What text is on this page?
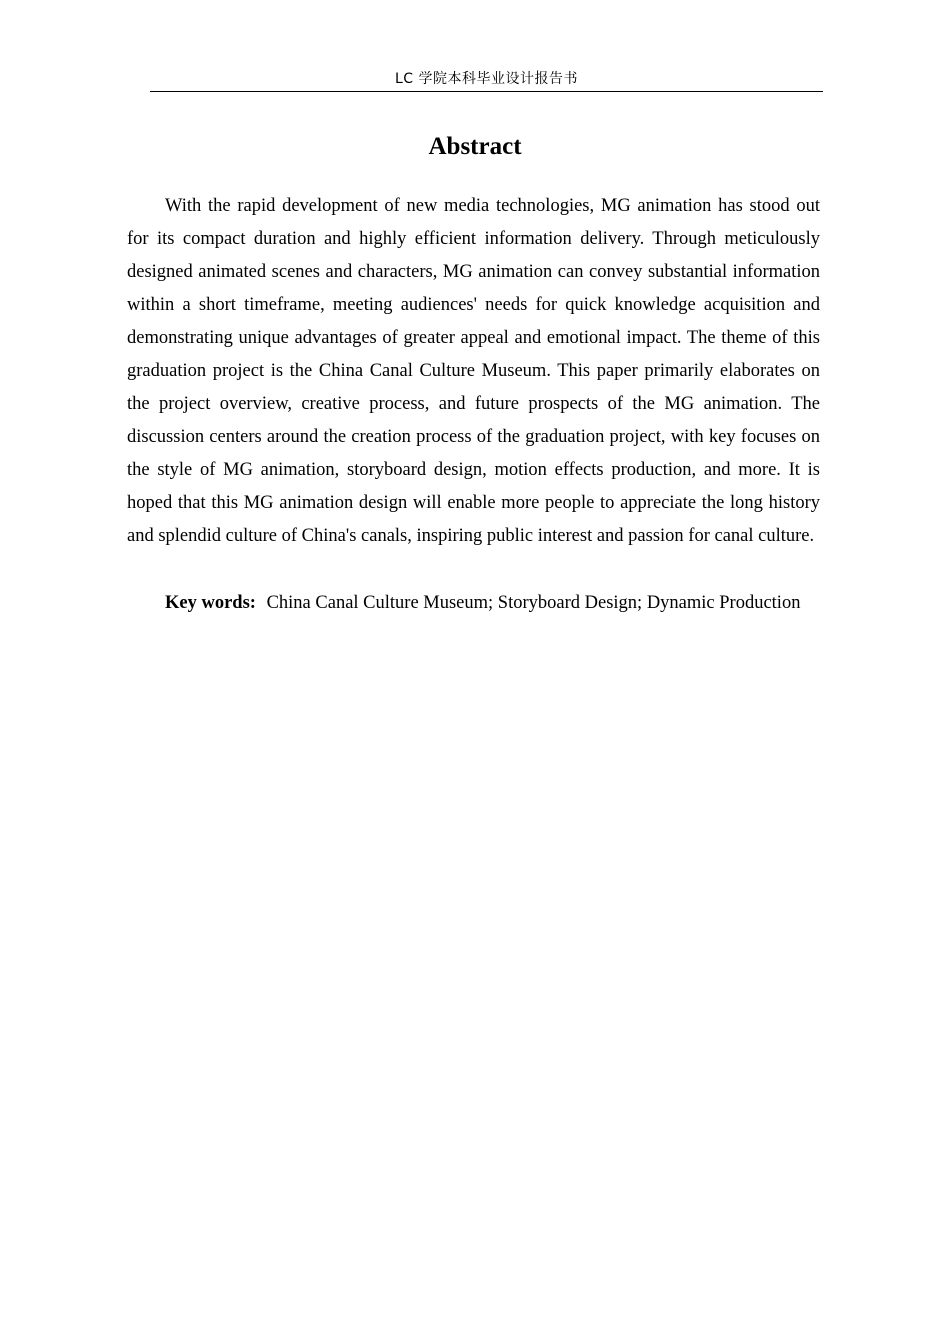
LC 学院本科毕业设计报告书
Abstract

With the rapid development of new media technologies, MG animation has stood out for its compact duration and highly efficient information delivery. Through meticulously designed animated scenes and characters, MG animation can convey substantial information within a short timeframe, meeting audiences' needs for quick knowledge acquisition and demonstrating unique advantages of greater appeal and emotional impact. The theme of this graduation project is the China Canal Culture Museum. This paper primarily elaborates on the project overview, creative process, and future prospects of the MG animation. The discussion centers around the creation process of the graduation project, with key focuses on the style of MG animation, storyboard design, motion effects production, and more. It is hoped that this MG animation design will enable more people to appreciate the long history and splendid culture of China's canals, inspiring public interest and passion for canal culture.

Key words: China Canal Culture Museum; Storyboard Design; Dynamic Production
